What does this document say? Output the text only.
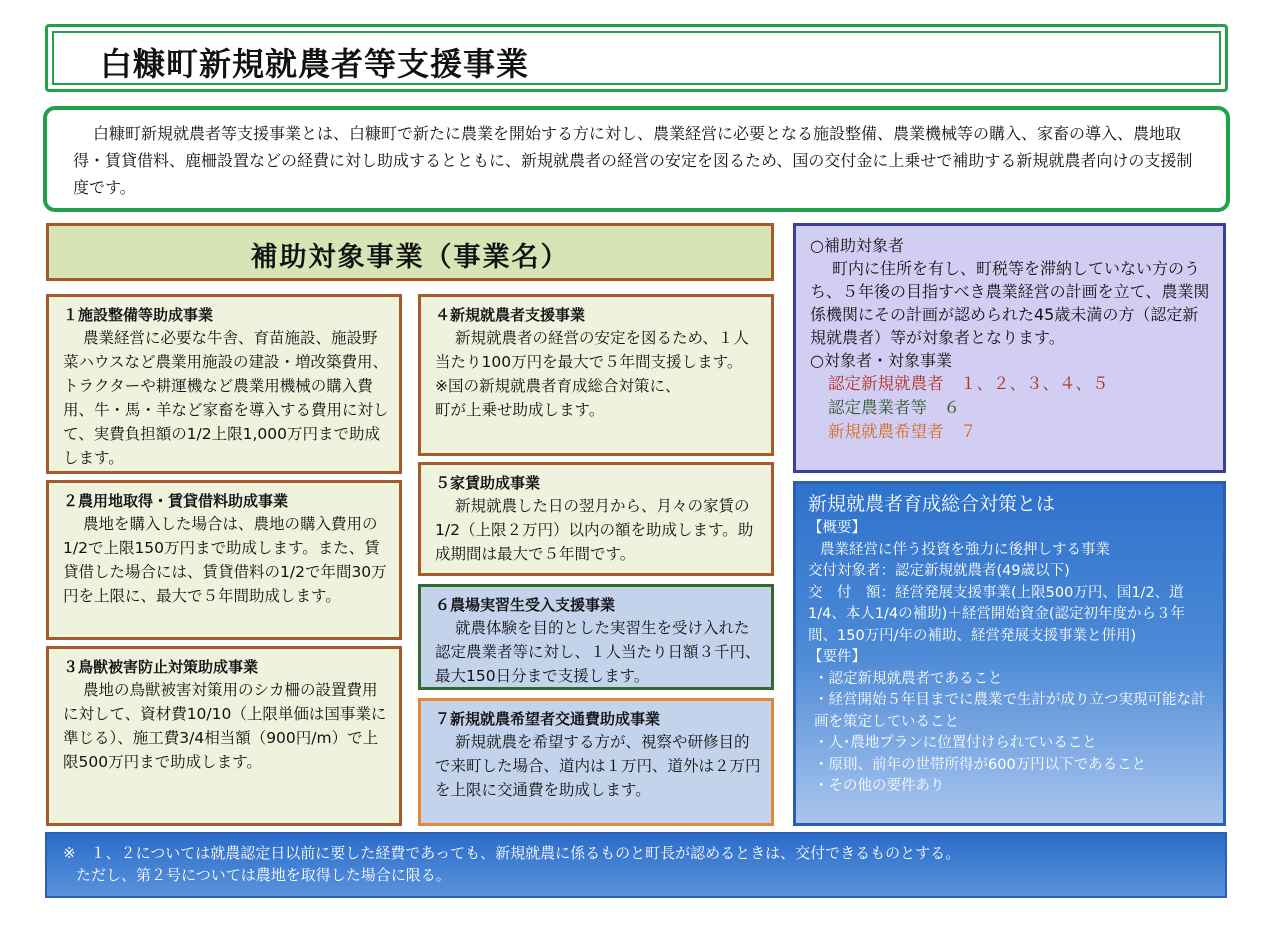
白糠町新規就農者等支援事業

白糠町新規就農者等支援事業とは、白糠町で新たに農業を開始する方に対し、農業経営に必要となる施設整備、農業機械等の購入、家畜の導入、農地取得・賃貸借料、鹿柵設置などの経費に対し助成するとともに、新規就農者の経営の安定を図るため、国の交付金に上乗せで補助する新規就農者向けの支援制度です。

補助対象事業（事業名）

１施設整備等助成事業

農業経営に必要な牛舎、育苗施設、施設野菜ハウスなど農業用施設の建設・増改築費用、トラクターや耕運機など農業用機械の購入費用、牛・馬・羊など家畜を導入する費用に対して、実費負担額の1/2上限1,000万円まで助成します。

２農用地取得・賃貸借料助成事業

農地を購入した場合は、農地の購入費用の1/2で上限150万円まで助成します。また、賃貸借した場合には、賃貸借料の1/2で年間30万円を上限に、最大で５年間助成します。

３鳥獣被害防止対策助成事業

農地の鳥獣被害対策用のシカ柵の設置費用に対して、資材費10/10（上限単価は国事業に準じる）、施工費3/4相当額（900円/m）で上限500万円まで助成します。

４新規就農者支援事業

新規就農者の経営の安定を図るため、１人当たり100万円を最大で５年間支援します。

※国の新規就農者育成総合対策に、

町が上乗せ助成します。

５家賃助成事業

新規就農した日の翌月から、月々の家賃の1/2（上限２万円）以内の額を助成します。助成期間は最大で５年間です。

６農場実習生受入支援事業

就農体験を目的とした実習生を受け入れた認定農業者等に対し、１人当たり日額３千円、最大150日分まで支援します。

７新規就農希望者交通費助成事業

新規就農を希望する方が、視察や研修目的で来町した場合、道内は１万円、道外は２万円を上限に交通費を助成します。

○補助対象者

町内に住所を有し、町税等を滞納していない方のうち、５年後の目指すべき農業経営の計画を立て、農業関係機関にその計画が認められた45歳未満の方（認定新規就農者）等が対象者となります。

○対象者・対象事業

認定新規就農者　 １、２、３、４、５

認定農業者等　 ６

新規就農希望者　 ７

新規就農者育成総合対策とは

【概要】

農業経営に伴う投資を強力に後押しする事業

交付対象者：認定新規就農者(49歳以下)

交　付　額：経営発展支援事業(上限500万円、国1/2、道1/4、本人1/4の補助)＋経営開始資金(認定初年度から３年間、150万円/年の補助、経営発展支援事業と併用)

【要件】

・認定新規就農者であること

・経営開始５年目までに農業で生計が成り立つ実現可能な計画を策定していること

・人･農地プランに位置付けられていること

・原則、前年の世帯所得が600万円以下であること

・その他の要件あり

※　１、２については就農認定日以前に要した経費であっても、新規就農に係るものと町長が認めるときは、交付できるものとする。

ただし、第２号については農地を取得した場合に限る。
